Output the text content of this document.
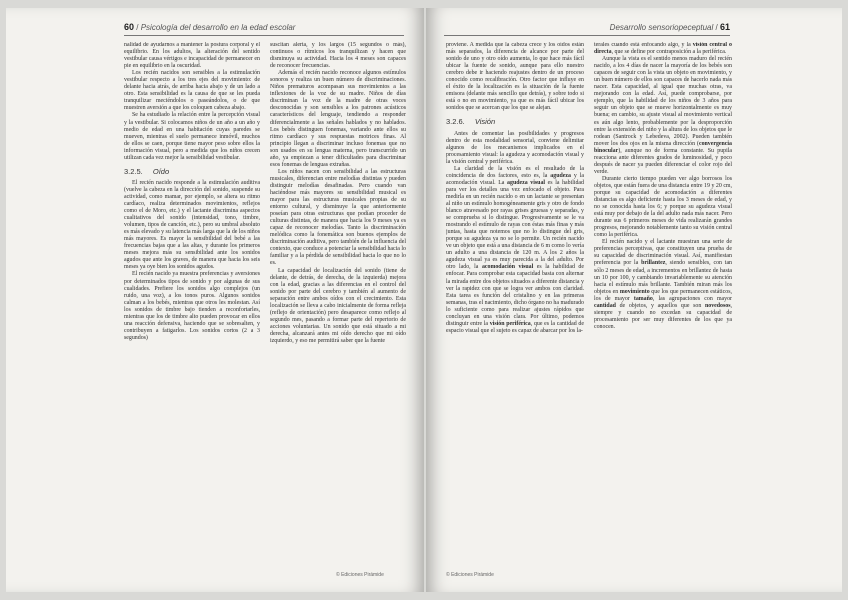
60 / Psicología del desarrollo en la edad escolar

nalidad de ayudarnos a mantener la postura corporal y el equilibrio. En los adultos, la alteración del sentido vestibular causa vértigos e incapacidad de permanecer en pie en equilibrio en la oscuridad.

Los recién nacidos son sensibles a la estimulación vestibular respecto a los tres ejes del movimiento: de delante hacia atrás, de arriba hacia abajo y de un lado a otro. Esta sensibilidad es la causa de que se les pueda tranquilizar meciéndolos o paseándolos, o de que muestren aversión a que los coloquen cabeza abajo.

Se ha estudiado la relación entre la percepción visual y la vestibular. Si colocamos niños de un año a un año y medio de edad en una habitación cuyas paredes se mueven, mientras el suelo permanece inmóvil, muchos de ellos se caen, porque tiene mayor peso sobre ellos la información visual, pero a medida que los niños crecen utilizan cada vez mejor la sensibilidad vestibular.

3.2.5. Oído

El recién nacido responde a la estimulación auditiva (vuelve la cabeza en la dirección del sonido, suspende su actividad, como mamar, por ejemplo, se altera su ritmo cardíaco, realiza determinados movimientos, reflejos como el de Moro, etc.) y el lactante discrimina aspectos cualitativos del sonido (intensidad, tono, timbre, volumen, tipos de canción, etc.), pero su umbral absoluto es más elevado y su latencia más larga que la de los niños más mayores. Es mayor la sensibilidad del bebé a las frecuencias bajas que a las altas, y durante los primeros meses mejora más su sensibilidad ante los sonidos agudos que ante los graves, de manera que hacia los seis meses ya oye bien los sonidos agudos.

El recién nacido ya muestra preferencias y aversiones por determinados tipos de sonido y por algunas de sus cualidades. Prefiere los sonidos algo complejos (un ruido, una voz), a los tonos puros. Algunos sonidos calman a los bebés, mientras que otros les molestan. Así los sonidos de timbre bajo tienden a reconfortarles, mientras que los de timbre alto pueden provocar en ellos una reacción defensiva, haciendo que se sobresalten, y contribuyen a fatigarlos. Los sonidos cortos (2 a 3 segundos)

suscitan alerta, y los largos (15 segundos o más), continuos o rítmicos los tranquilizan y hacen que disminuya su actividad. Hacia los 4 meses son capaces de reconocer frecuencias.

Además el recién nacido reconoce algunos estímulos sonoros y realiza un buen número de discriminaciones. Niños prematuros acompasan sus movimientos a las inflexiones de la voz de su madre. Niños de días discriminan la voz de la madre de otras voces desconocidas y son sensibles a los patrones acústicos característicos del lenguaje, tendiendo a responder diferencialmente a las señales hablados y no hablados. Los bebés distinguen fonemas, variando ante ellos su ritmo cardíaco y sus respuestas motrices finas. Al principio llegan a discriminar incluso fonemas que no son usados en su lengua materna, pero transcurrido un año, ya empiezan a tener dificultades para discriminar esos fonemas de lenguas extrañas.

Los niños nacen con sensibilidad a las estructuras musicales, diferencian entre melodías distintas y pueden distinguir melodías desafinadas. Pero cuando van haciéndose más mayores su sensibilidad musical es mayor para las estructuras musicales propias de su entorno cultural, y disminuye la que anteriormente poseían para otras estructuras que podían proceder de culturas distintas, de manera que hacia los 9 meses ya es capaz de reconocer melodías. Tanto la discriminación melódica como la fonemática son buenos ejemplos de discriminación auditiva, pero también de la influencia del contexto, que conduce a potenciar la sensibilidad hacia lo familiar y a la pérdida de sensibilidad hacia lo que no lo es.

La capacidad de localización del sonido (tiene de delante, de detrás, de derecha, de la izquierda) mejora con la edad, gracias a las diferencias en el control del sonido por parte del cerebro y también al aumento de separación entre ambos oídos con el crecimiento. Esta localización se lleva a cabo inicialmente de forma refleja (reflejo de orientación) pero desaparece como reflejo al segundo mes, pasando a formar parte del repertorio de acciones voluntarias. Un sonido que está situado a mi derecha, alcanzará antes mi oído derecho que mi oído izquierdo, y eso me permitirá saber que la fuente

© Ediciones Pirámide
Desarrollo sensoriopeceptual / 61

proviene. A medida que la cabeza crece y los oídos están más separados, la diferencia de alcance por parte del sonido de uno y otro oído aumenta, lo que hace más fácil ubicar la fuente de sonido, aunque para ello nuestro cerebro debe ir haciendo reajustes dentro de un proceso conocido como recalibración. Otro factor que influye en el éxito de la localización es la situación de la fuente emisora (delante más sencillo que detrás), y sobre todo si está o no en movimiento, ya que es más fácil ubicar los sonidos que se acercan que los que se alejan.

3.2.6. Visión

Antes de comentar las posibilidades y progresos dentro de esta modalidad sensorial, conviene delimitar algunos de los mecanismos implicados en el procesamiento visual: la agudeza y acomodación visual y la visión central y periférica.

La claridad de la visión es el resultado de la coincidencia de dos factores, esto es, la agudeza y la acomodación visual. La agudeza visual es la habilidad para ver los detalles una vez enfocado el objeto. Para medirla en un recién nacido o en un lactante se presentan al niño un estímulo homogéneamente gris y otro de fondo blanco atravesado por rayas grises gruesas y separadas, y se comprueba si lo distingue. Progresivamente se le va mostrando el estímulo de rayas con éstas más finas y más juntas, hasta que notemos que no lo distingue del gris, porque su agudeza ya no se lo permite. Un recién nacido ve un objeto que está a una distancia de 6 m como lo vería un adulto a una distancia de 120 m. A los 2 años la agudeza visual ya es muy parecida a la del adulto. Por otro lado, la acomodación visual es la habilidad de enfocar. Para comprobar esta capacidad basta con alternar la mirada entre dos objetos situados a diferente distancia y ver la rapidez con que se logra ver ambos con claridad. Esta tarea es función del cristalino y en las primeras semanas, tras el nacimiento, dicho órgano no ha madurado lo suficiente como para realizar ajustes rápidos que concluyan en una visión clara. Por último, podemos distinguir entre la visión periférica, que es la cantidad de espacio visual que el sujeto es capaz de abarcar por los la-

terales cuando está enfocando algo, y la visión central o directa, que se define por contraposición a la periférica.

Aunque la vista es el sentido menos maduro del recién nacido, a los 4 días de nacer la mayoría de los bebés son capaces de seguir con la vista un objeto en movimiento, y un buen número de ellos son capaces de hacerlo nada más nacer. Esta capacidad, al igual que muchas otras, va mejorando con la edad. Así, puede comprobarse, por ejemplo, que la habilidad de los niños de 3 años para seguir un objeto que se mueve horizontalmente es muy buena; en cambio, su ajuste visual al movimiento vertical es aún algo lento, probablemente por la desproporción entre la extensión del niño y la altura de los objetos que le rodean (Santrock y Lebedeva, 2002). Pueden también mover los dos ojos en la misma dirección (convergencia binocular), aunque no de forma constante. Su pupila reacciona ante diferentes grados de luminosidad, y poco después de nacer ya pueden diferenciar el color rojo del verde.

Durante cierto tiempo pueden ver algo borrosos los objetos, que están fuera de una distancia entre 19 y 20 cm, porque su capacidad de acomodación a diferentes distancias es algo deficiente hasta los 3 meses de edad, y no se conocida hasta los 6; y porque su agudeza visual está muy por debajo de la del adulto nada más nacer. Pero durante sus 6 primeros meses de vida realizarán grandes progresos, mejorando notablemente tanto su visión central como la periférica.

El recién nacido y el lactante muestran una serie de preferencias perceptivas, que constituyen una prueba de su capacidad de discriminación visual. Así, manifiestan preferencia por la brillantez, siendo sensibles, con tan sólo 2 meses de edad, a incrementos en brillantez de hasta un 10 por 100, y cambiando invariablemente su atención hacia el estímulo más brillante. También miran más los objetos en movimiento que los que permanecen estáticos, los de mayor tamaño, las agrupaciones con mayor cantidad de objetos, y aquellos que son novedosos, siempre y cuando no excedan su capacidad de procesamiento por ser muy diferentes de los que ya conocen.

© Ediciones Pirámide
